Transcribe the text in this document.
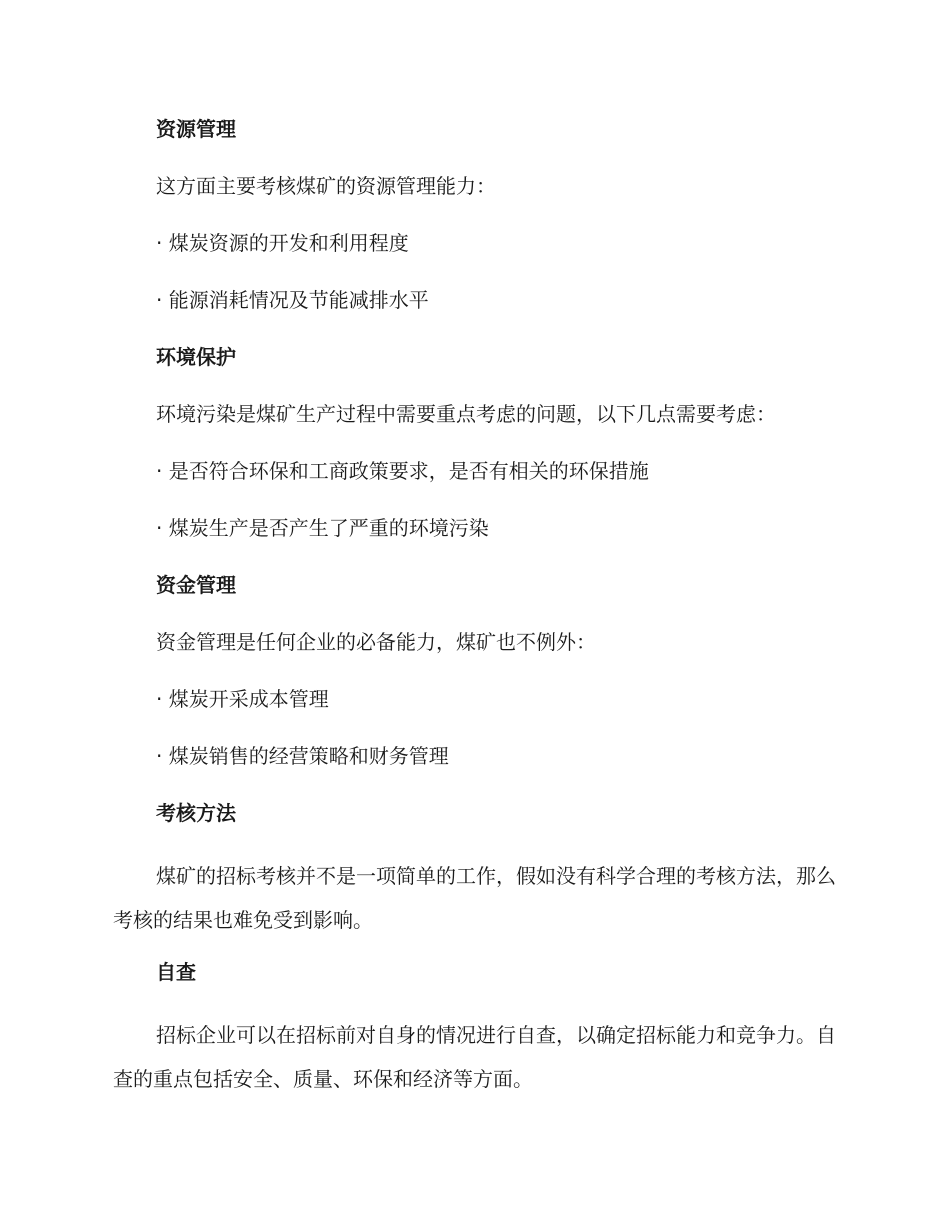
资源管理
这方面主要考核煤矿的资源管理能力：
· 煤炭资源的开发和利用程度
· 能源消耗情况及节能减排水平
环境保护
环境污染是煤矿生产过程中需要重点考虑的问题，以下几点需要考虑：
· 是否符合环保和工商政策要求，是否有相关的环保措施
· 煤炭生产是否产生了严重的环境污染
资金管理
资金管理是任何企业的必备能力，煤矿也不例外：
· 煤炭开采成本管理
· 煤炭销售的经营策略和财务管理
考核方法
煤矿的招标考核并不是一项简单的工作，假如没有科学合理的考核方法，那么考核的结果也难免受到影响。
自查
招标企业可以在招标前对自身的情况进行自查，以确定招标能力和竞争力。自查的重点包括安全、质量、环保和经济等方面。
